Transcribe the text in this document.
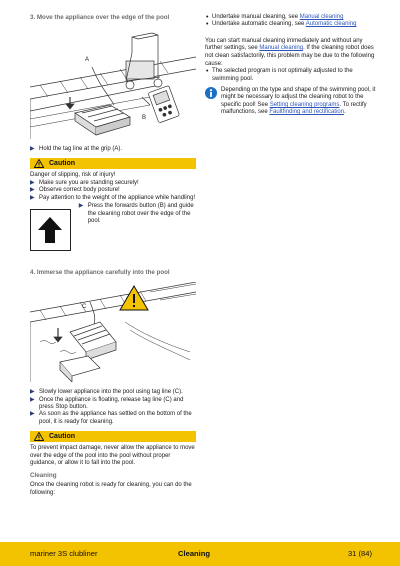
3. Move the appliance over the edge of the pool
A
B
▶ Hold the tag line at the grip (A).
Caution
Danger of slipping, risk of injury!
▶ Make sure you are standing securely!
▶ Observe correct body posture!
▶ Pay attention to the weight of the appliance while handling!
▶ Press the forwards button (B) and guide the cleaning robot over the edge of the pool.
4. Immerse the appliance carefully into the pool
C
▶ Slowly lower appliance into the pool using tag line (C).
▶ Once the appliance is floating, release tag line (C) and press Stop button.
▶ As soon as the appliance has settled on the bottom of the pool, it is ready for cleaning.
Caution
To prevent impact damage, never allow the appliance to move over the edge of the pool into the pool without proper guidance, or allow it to fall into the pool.
Cleaning
Once the cleaning robot is ready for cleaning, you can do the following:
• Undertake manual cleaning, see Manual cleaning
• Undertake automatic cleaning, see Automatic cleaning
You can start manual cleaning immediately and without any further settings, see Manual cleaning. If the cleaning robot does not clean satisfactorily, this problem may be due to the following cause:
• The selected program is not optimally adjusted to the swimming pool.
Depending on the type and shape of the swimming pool, it might be necessary to adjust the cleaning robot to the specific pool! See Setting cleaning programs. To rectify malfunctions, see Faultfinding and rectification.
mariner 3S clubliner	Cleaning	31 (84)
